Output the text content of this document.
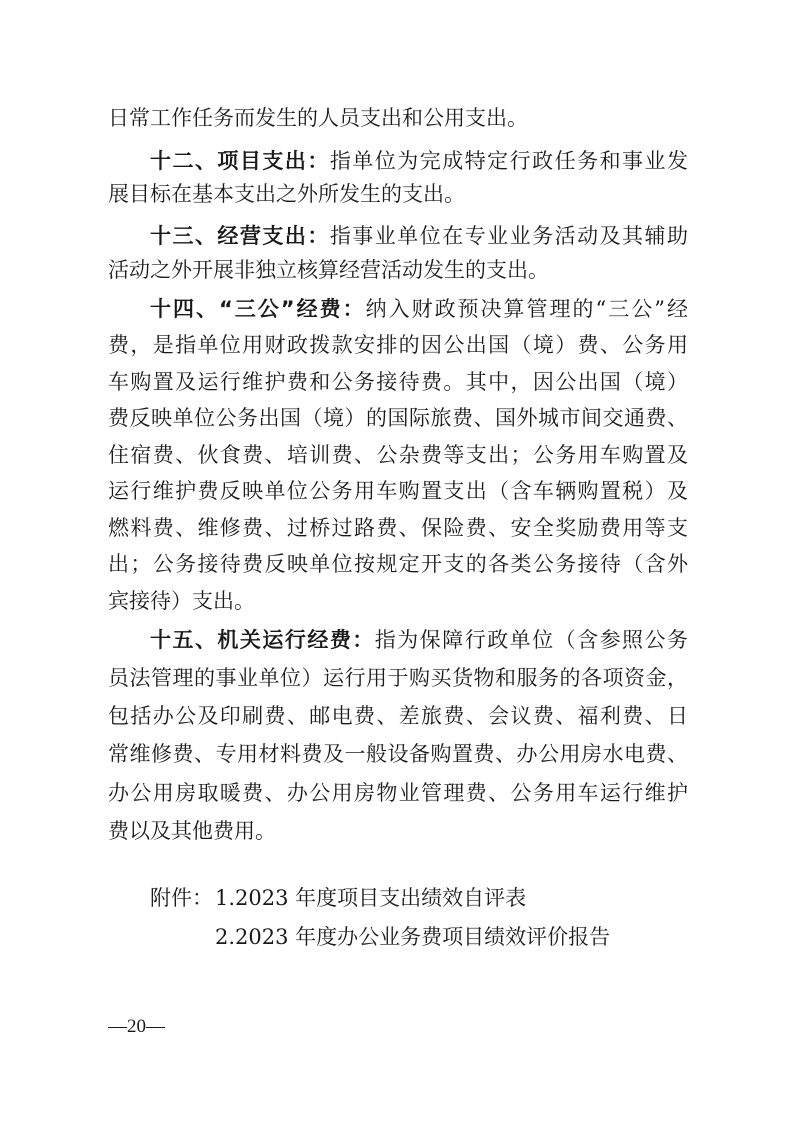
日常工作任务而发生的人员支出和公用支出。
十二、项目支出：指单位为完成特定行政任务和事业发
展目标在基本支出之外所发生的支出。
十三、经营支出：指事业单位在专业业务活动及其辅助
活动之外开展非独立核算经营活动发生的支出。
十四、“三公”经费：纳入财政预决算管理的“三公”经
费，是指单位用财政拨款安排的因公出国（境）费、公务用
车购置及运行维护费和公务接待费。其中，因公出国（境）
费反映单位公务出国（境）的国际旅费、国外城市间交通费、
住宿费、伙食费、培训费、公杂费等支出；公务用车购置及
运行维护费反映单位公务用车购置支出（含车辆购置税）及
燃料费、维修费、过桥过路费、保险费、安全奖励费用等支
出；公务接待费反映单位按规定开支的各类公务接待（含外
宾接待）支出。
十五、机关运行经费：指为保障行政单位（含参照公务
员法管理的事业单位）运行用于购买货物和服务的各项资金，
包括办公及印刷费、邮电费、差旅费、会议费、福利费、日
常维修费、专用材料费及一般设备购置费、办公用房水电费、
办公用房取暖费、办公用房物业管理费、公务用车运行维护
费以及其他费用。
附件： 1.2023 年度项目支出绩效自评表
2.2023 年度办公业务费项目绩效评价报告
—20—
